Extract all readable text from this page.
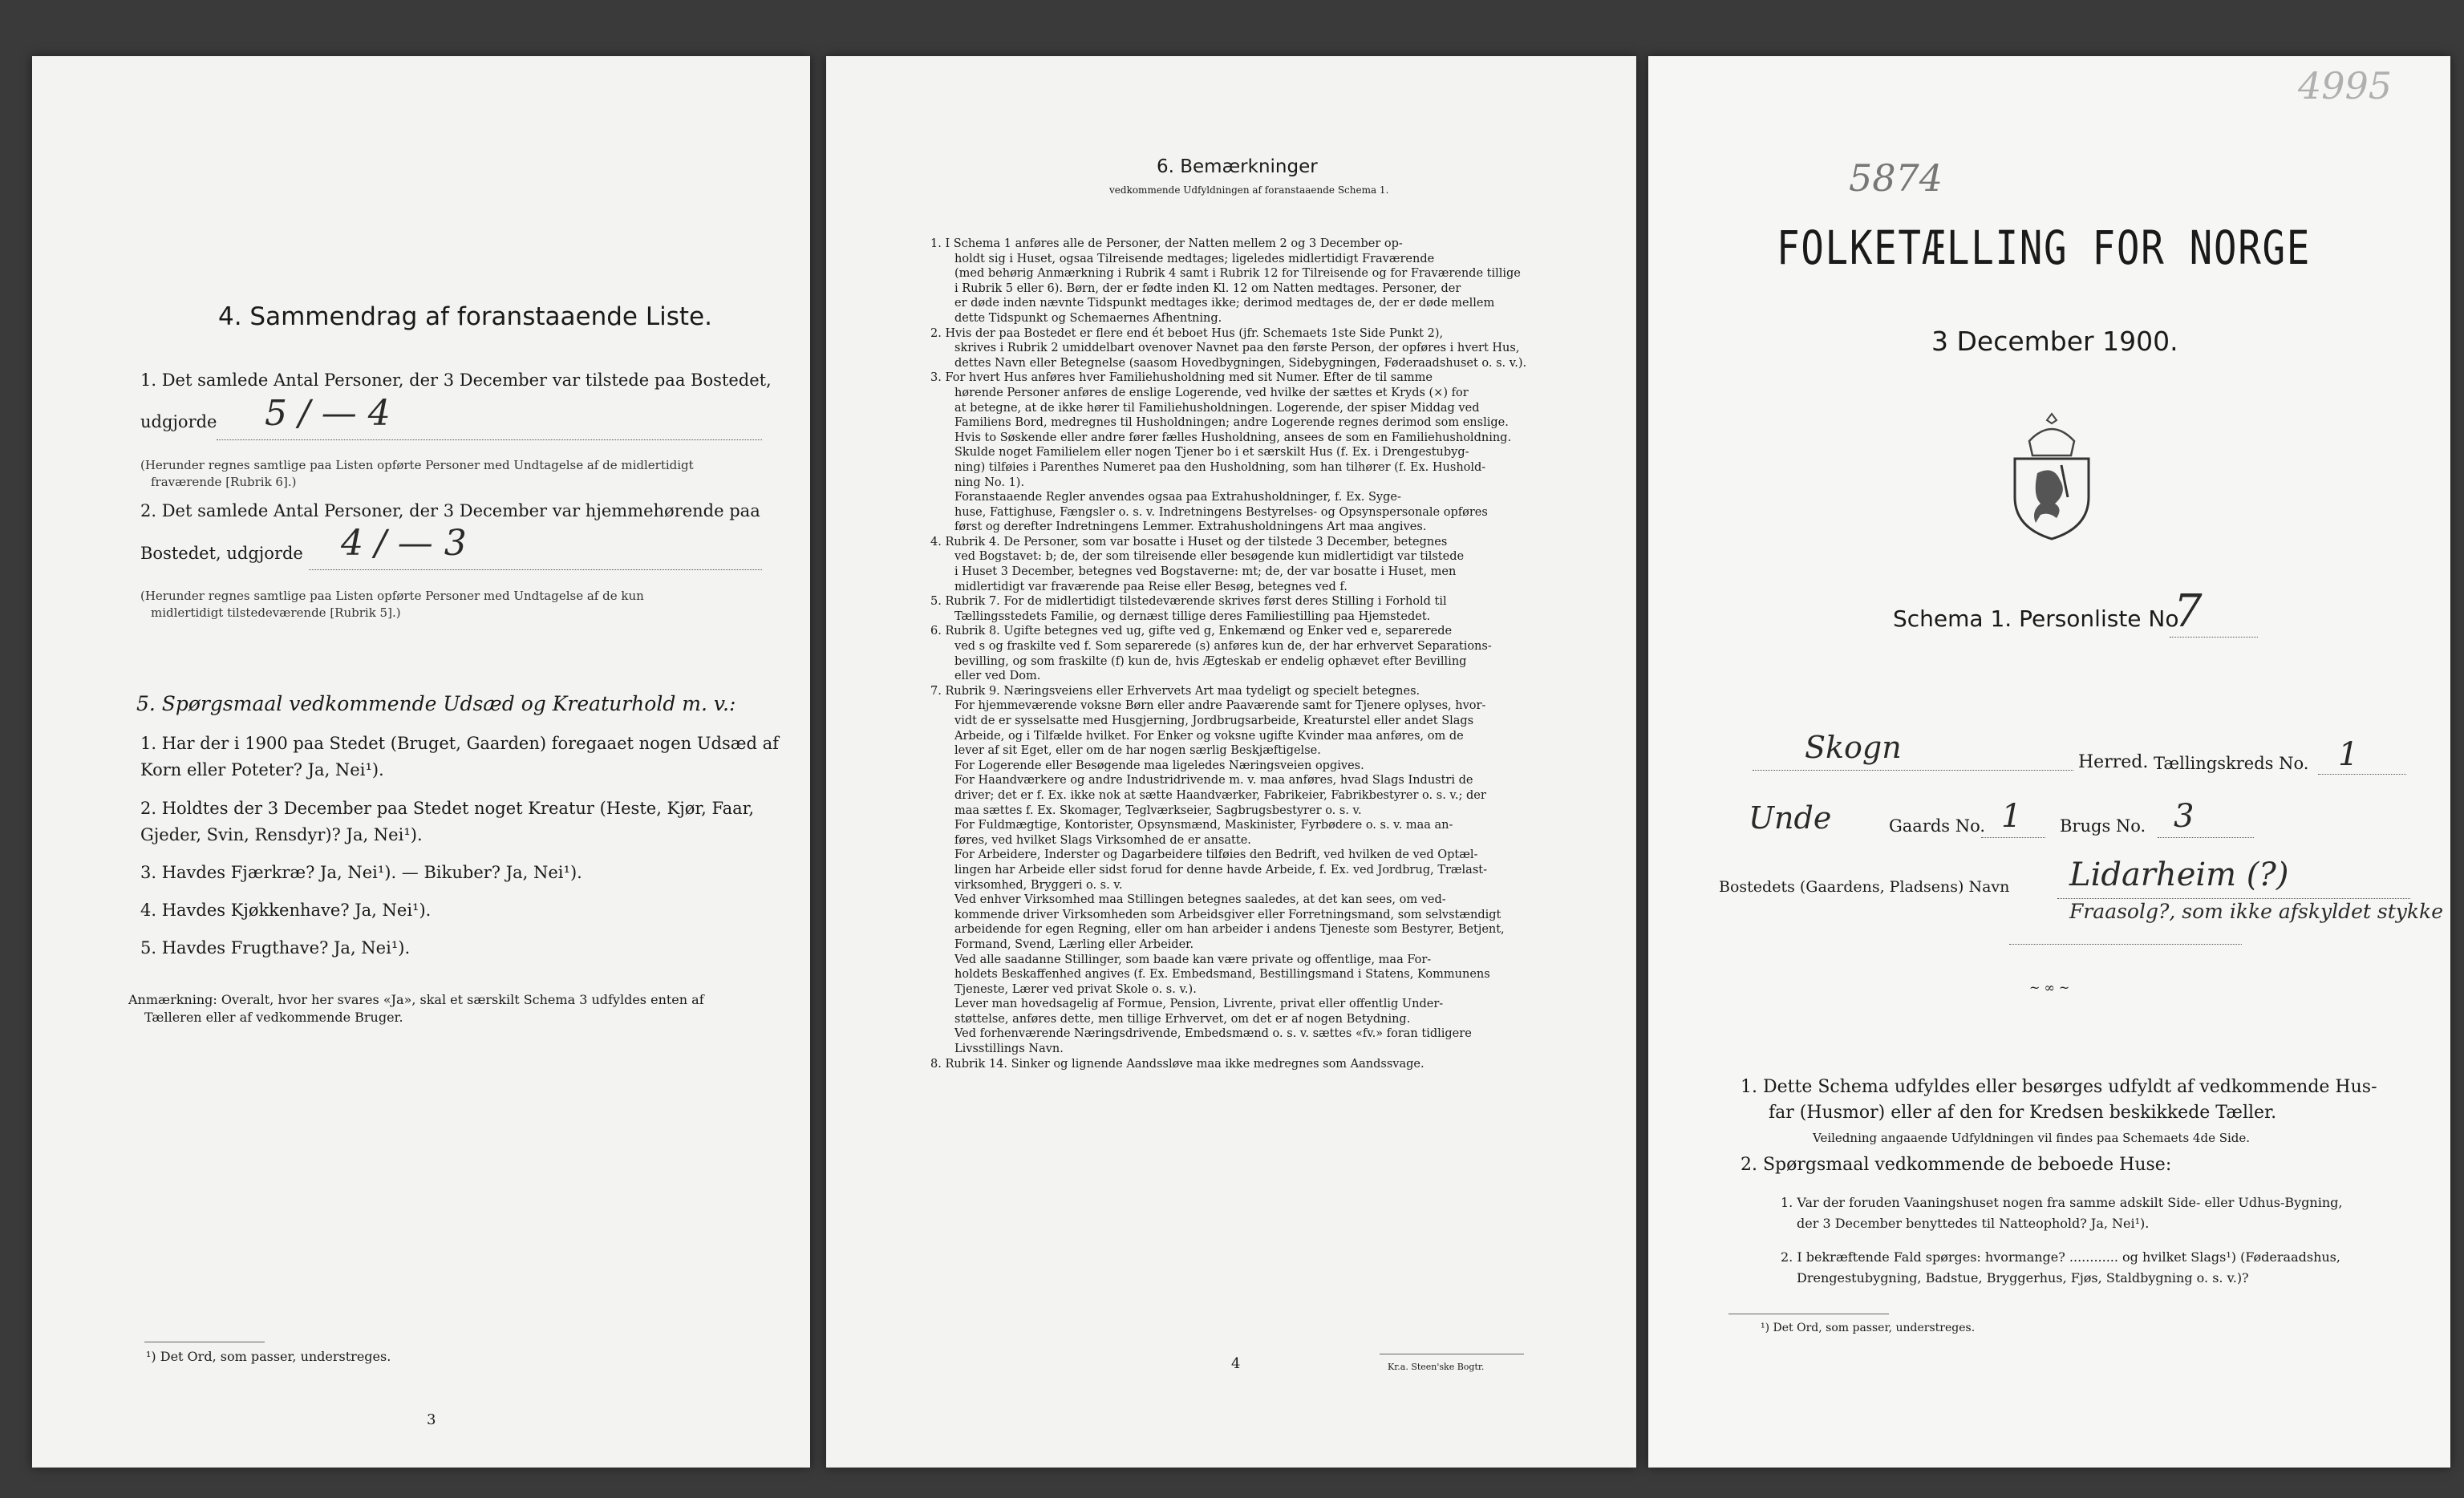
4. Sammendrag af foranstaaende Liste.
1. Det samlede Antal Personer, der 3 December var tilstede paa Bostedet,
udgjorde 5 / — 4
(Herunder regnes samtlige paa Listen opførte Personer med Undtagelse af de midlertidigt
fraværende [Rubrik 6].)
2. Det samlede Antal Personer, der 3 December var hjemmehørende paa
Bostedet, udgjorde 4 / — 3
(Herunder regnes samtlige paa Listen opførte Personer med Undtagelse af de kun
midlertidigt tilstedeværende [Rubrik 5].)
5. Spørgsmaal vedkommende Udsæd og Kreaturhold m. v.:
1. Har der i 1900 paa Stedet (Bruget, Gaarden) foregaaet nogen Udsæd af
Korn eller Poteter? Ja, Nei¹).
2. Holdtes der 3 December paa Stedet noget Kreatur (Heste, Kjør, Faar,
Gjeder, Svin, Rensdyr)? Ja, Nei¹).
3. Havdes Fjærkræ? Ja, Nei¹). — Bikuber? Ja, Nei¹).
4. Havdes Kjøkkenhave? Ja, Nei¹).
5. Havdes Frugthave? Ja, Nei¹).
Anmærkning: Overalt, hvor her svares «Ja», skal et særskilt Schema 3 udfyldes enten af
Tælleren eller af vedkommende Bruger.
¹) Det Ord, som passer, understreges.
3
6. Bemærkninger
vedkommende Udfyldningen af foranstaaende Schema 1.
1. I Schema 1 anføres alle de Personer, der Natten mellem 2 og 3 December op-
holdt sig i Huset, ogsaa Tilreisende medtages; ligeledes midlertidigt Fraværende
(med behørig Anmærkning i Rubrik 4 samt i Rubrik 12 for Tilreisende og for Fraværende tillige
i Rubrik 5 eller 6). Børn, der er fødte inden Kl. 12 om Natten medtages. Personer, der
er døde inden nævnte Tidspunkt medtages ikke; derimod medtages de, der er døde mellem
dette Tidspunkt og Schemaernes Afhentning.
2. Hvis der paa Bostedet er flere end ét beboet Hus (jfr. Schemaets 1ste Side Punkt 2),
skrives i Rubrik 2 umiddelbart ovenover Navnet paa den første Person, der opføres i hvert Hus,
dettes Navn eller Betegnelse (saasom Hovedbygningen, Sidebygningen, Føderaadshuset o. s. v.).
3. For hvert Hus anføres hver Familiehusholdning med sit Numer. Efter de til samme
hørende Personer anføres de enslige Logerende, ved hvilke der sættes et Kryds (×) for
at betegne, at de ikke hører til Familiehusholdningen. Logerende, der spiser Middag ved
Familiens Bord, medregnes til Husholdningen; andre Logerende regnes derimod som enslige.
Hvis to Søskende eller andre fører fælles Husholdning, ansees de som en Familiehusholdning.
Skulde noget Familielem eller nogen Tjener bo i et særskilt Hus (f. Ex. i Drengestubyg-
ning) tilføies i Parenthes Numeret paa den Husholdning, som han tilhører (f. Ex. Hushold-
ning No. 1).
Foranstaaende Regler anvendes ogsaa paa Extrahusholdninger, f. Ex. Syge-
huse, Fattighuse, Fængsler o. s. v. Indretningens Bestyrelses- og Opsynspersonale opføres
først og derefter Indretningens Lemmer. Extrahusholdningens Art maa angives.
4. Rubrik 4. De Personer, som var bosatte i Huset og der tilstede 3 December, betegnes
ved Bogstavet: b; de, der som tilreisende eller besøgende kun midlertidigt var tilstede
i Huset 3 December, betegnes ved Bogstaverne: mt; de, der var bosatte i Huset, men
midlertidigt var fraværende paa Reise eller Besøg, betegnes ved f.
5. Rubrik 7. For de midlertidigt tilstedeværende skrives først deres Stilling i Forhold til
Tællingsstedets Familie, og dernæst tillige deres Familiestilling paa Hjemstedet.
6. Rubrik 8. Ugifte betegnes ved ug, gifte ved g, Enkemænd og Enker ved e, separerede
ved s og fraskilte ved f. Som separerede (s) anføres kun de, der har erhvervet Separations-
bevilling, og som fraskilte (f) kun de, hvis Ægteskab er endelig ophævet efter Bevilling
eller ved Dom.
7. Rubrik 9. Næringsveiens eller Erhvervets Art maa tydeligt og specielt betegnes.
For hjemmeværende voksne Børn eller andre Paaværende samt for Tjenere oplyses, hvor-
vidt de er sysselsatte med Husgjerning, Jordbrugsarbeide, Kreaturstel eller andet Slags
Arbeide, og i Tilfælde hvilket. For Enker og voksne ugifte Kvinder maa anføres, om de
lever af sit Eget, eller om de har nogen særlig Beskjæftigelse.
For Logerende eller Besøgende maa ligeledes Næringsveien opgives.
For Haandværkere og andre Industridrivende m. v. maa anføres, hvad Slags Industri de
driver; det er f. Ex. ikke nok at sætte Haandværker, Fabrikeier, Fabrikbestyrer o. s. v.; der
maa sættes f. Ex. Skomager, Teglværkseier, Sagbrugsbestyrer o. s. v.
For Fuldmægtige, Kontorister, Opsynsmænd, Maskinister, Fyrbødere o. s. v. maa an-
føres, ved hvilket Slags Virksomhed de er ansatte.
For Arbeidere, Inderster og Dagarbeidere tilføies den Bedrift, ved hvilken de ved Optæl-
lingen har Arbeide eller sidst forud for denne havde Arbeide, f. Ex. ved Jordbrug, Trælast-
virksomhed, Bryggeri o. s. v.
Ved enhver Virksomhed maa Stillingen betegnes saaledes, at det kan sees, om ved-
kommende driver Virksomheden som Arbeidsgiver eller Forretningsmand, som selvstændigt
arbeidende for egen Regning, eller om han arbeider i andens Tjeneste som Bestyrer, Betjent,
Formand, Svend, Lærling eller Arbeider.
Ved alle saadanne Stillinger, som baade kan være private og offentlige, maa For-
holdets Beskaffenhed angives (f. Ex. Embedsmand, Bestillingsmand i Statens, Kommunens
Tjeneste, Lærer ved privat Skole o. s. v.).
Lever man hovedsagelig af Formue, Pension, Livrente, privat eller offentlig Under-
støttelse, anføres dette, men tillige Erhvervet, om det er af nogen Betydning.
Ved forhenværende Næringsdrivende, Embedsmænd o. s. v. sættes «fv.» foran tidligere
Livsstillings Navn.
8. Rubrik 14. Sinker og lignende Aandssløve maa ikke medregnes som Aandssvage.
4	Kr.a. Steen'ske Bogtr.
5874
4995
FOLKETÆLLING FOR NORGE
3 December 1900.
Schema 1. Personliste No.
7
Skogn	Herred. Tællingskreds No. 1
Unde	Gaards No. 1 Brugs No. 3
Bostedets (Gaardens, Pladsens) Navn Lidarheim (?)
Fraasolg?, som ikke afskyldet stykke
~ ∞ ~
1. Dette Schema udfyldes eller besørges udfyldt af vedkommende Hus-
far (Husmor) eller af den for Kredsen beskikkede Tæller.
Veiledning angaaende Udfyldningen vil findes paa Schemaets 4de Side.
2. Spørgsmaal vedkommende de beboede Huse:
1. Var der foruden Vaaningshuset nogen fra samme adskilt Side- eller Udhus-Bygning,
der 3 December benyttedes til Natteophold? Ja, Nei¹).
2. I bekræftende Fald spørges: hvormange? ............ og hvilket Slags¹) (Føderaadshus,
Drengestubygning, Badstue, Bryggerhus, Fjøs, Staldbygning o. s. v.)?
¹) Det Ord, som passer, understreges.
